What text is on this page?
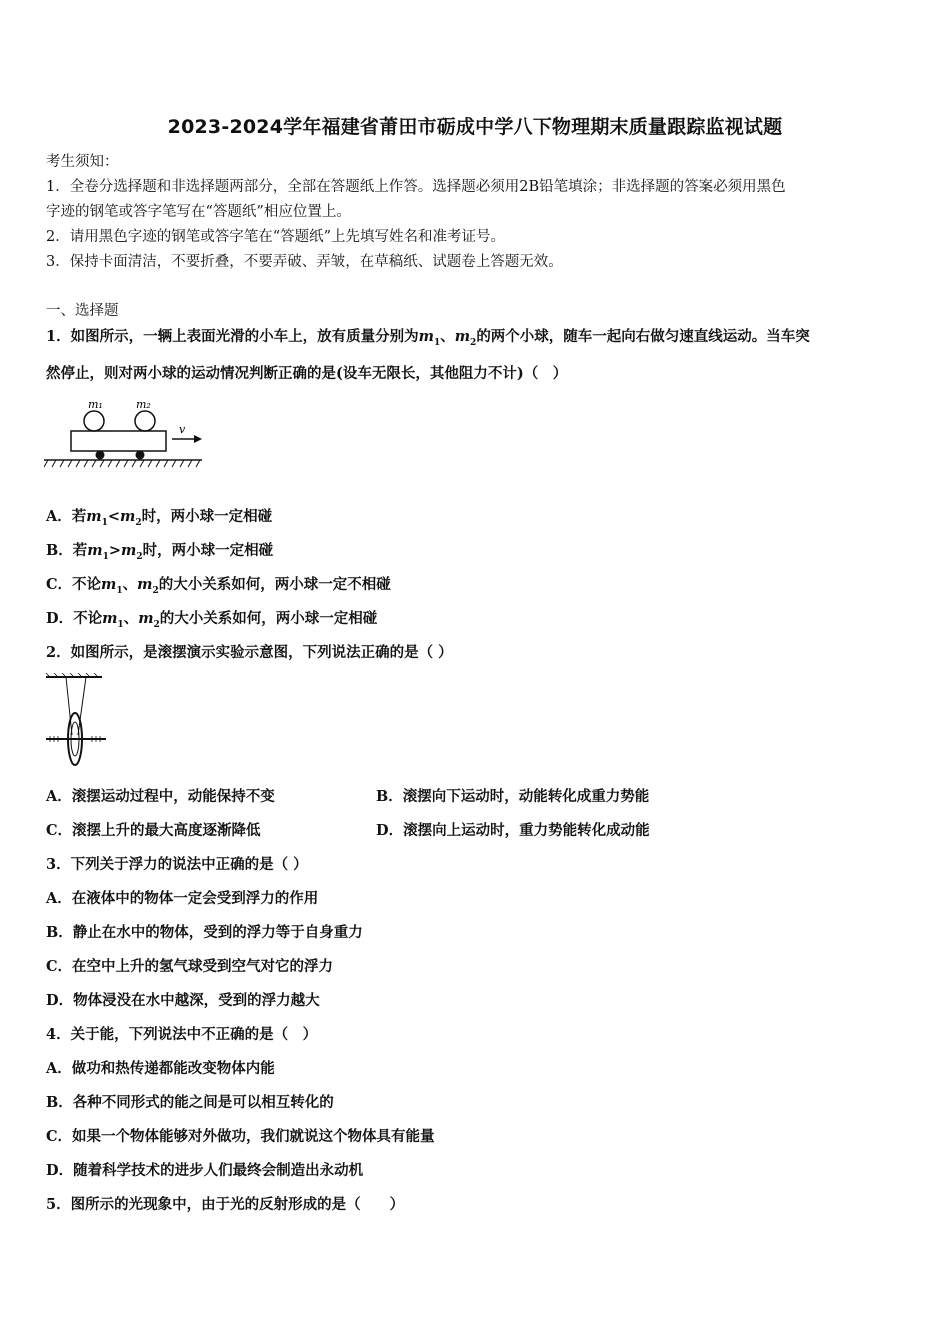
2023-2024学年福建省莆田市砺成中学八下物理期末质量跟踪监视试题
考生须知：
1．全卷分选择题和非选择题两部分，全部在答题纸上作答。选择题必须用2B铅笔填涂；非选择题的答案必须用黑色
字迹的钢笔或答字笔写在“答题纸”相应位置上。
2．请用黑色字迹的钢笔或答字笔在“答题纸”上先填写姓名和准考证号。
3．保持卡面清洁，不要折叠，不要弄破、弄皱，在草稿纸、试题卷上答题无效。
一、选择题
1．如图所示，一辆上表面光滑的小车上，放有质量分别为$m_1$、$m_2$的两个小球，随车一起向右做匀速直线运动。当车突
然停止，则对两小球的运动情况判断正确的是(设车无限长，其他阻力不计)（　）
m₁	m₂
v
A．若$m_1<m_2$时，两小球一定相碰
B．若$m_1>m_2$时，两小球一定相碰
C．不论$m_1$、$m_2$的大小关系如何，两小球一定不相碰
D．不论$m_1$、$m_2$的大小关系如何，两小球一定相碰
2．如图所示，是滚摆演示实验示意图，下列说法正确的是（ ）
A．滚摆运动过程中，动能保持不变	B．滚摆向下运动时，动能转化成重力势能
C．滚摆上升的最大高度逐渐降低	D．滚摆向上运动时，重力势能转化成动能
3．下列关于浮力的说法中正确的是（ ）
A．在液体中的物体一定会受到浮力的作用
B．静止在水中的物体，受到的浮力等于自身重力
C．在空中上升的氢气球受到空气对它的浮力
D．物体浸没在水中越深，受到的浮力越大
4．关于能，下列说法中不正确的是（　）
A．做功和热传递都能改变物体内能
B．各种不同形式的能之间是可以相互转化的
C．如果一个物体能够对外做功，我们就说这个物体具有能量
D．随着科学技术的进步人们最终会制造出永动机
5．图所示的光现象中，由于光的反射形成的是（　　）
